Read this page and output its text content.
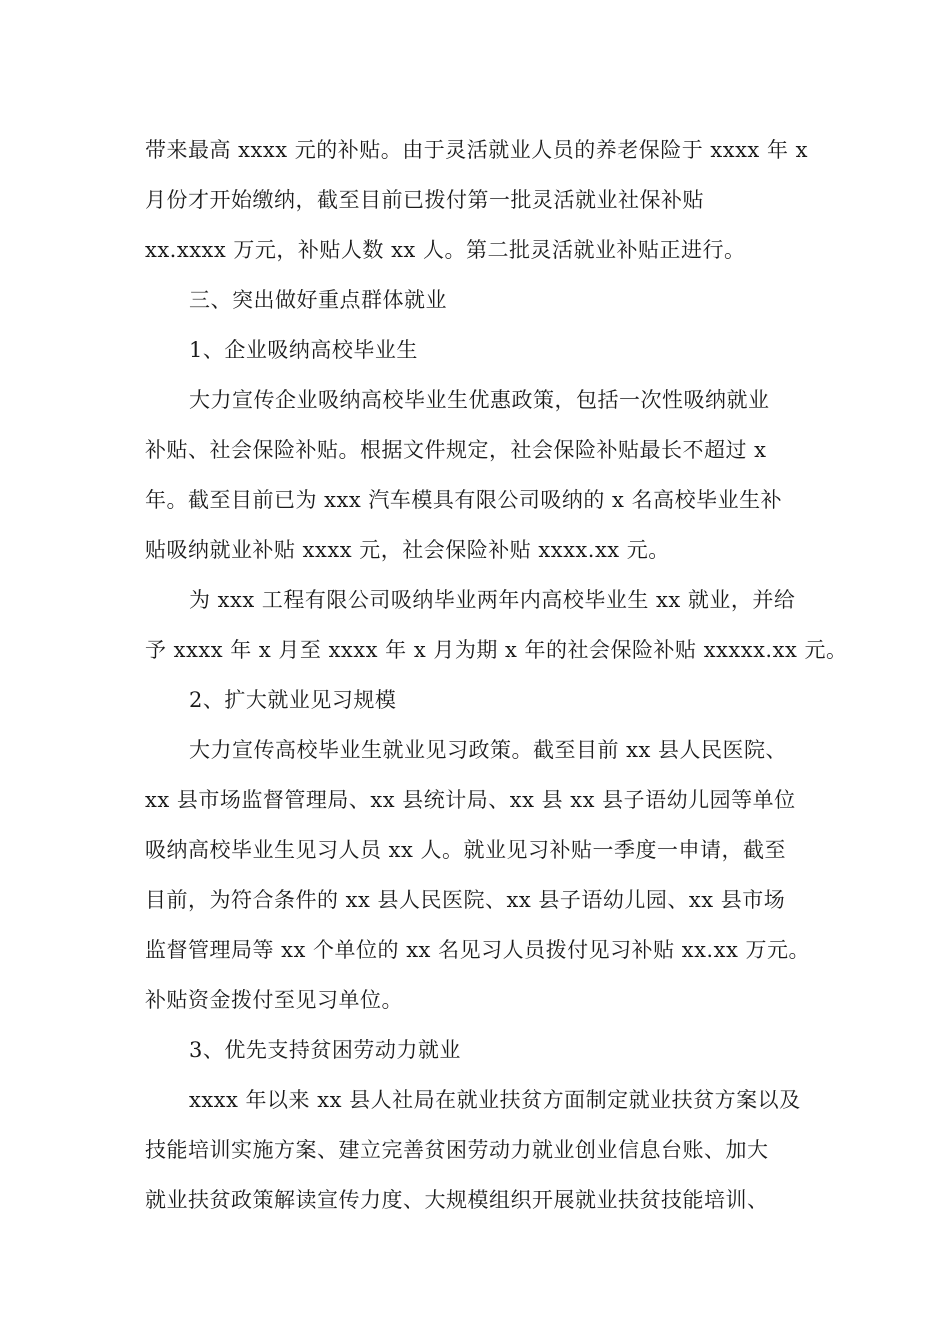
带来最高 xxxx 元的补贴。由于灵活就业人员的养老保险于 xxxx 年 x
月份才开始缴纳，截至目前已拨付第一批灵活就业社保补贴
xx.xxxx 万元，补贴人数 xx 人。第二批灵活就业补贴正进行。
三、突出做好重点群体就业
1、企业吸纳高校毕业生
大力宣传企业吸纳高校毕业生优惠政策，包括一次性吸纳就业
补贴、社会保险补贴。根据文件规定，社会保险补贴最长不超过 x
年。截至目前已为 xxx 汽车模具有限公司吸纳的 x 名高校毕业生补
贴吸纳就业补贴 xxxx 元，社会保险补贴 xxxx.xx 元。
为 xxx 工程有限公司吸纳毕业两年内高校毕业生 xx 就业，并给
予 xxxx 年 x 月至 xxxx 年 x 月为期 x 年的社会保险补贴 xxxxx.xx 元。
2、扩大就业见习规模
大力宣传高校毕业生就业见习政策。截至目前 xx 县人民医院、
xx 县市场监督管理局、xx 县统计局、xx 县 xx 县子语幼儿园等单位
吸纳高校毕业生见习人员 xx 人。就业见习补贴一季度一申请，截至
目前，为符合条件的 xx 县人民医院、xx 县子语幼儿园、xx 县市场
监督管理局等 xx 个单位的 xx 名见习人员拨付见习补贴 xx.xx 万元。
补贴资金拨付至见习单位。
3、优先支持贫困劳动力就业
xxxx 年以来 xx 县人社局在就业扶贫方面制定就业扶贫方案以及
技能培训实施方案、建立完善贫困劳动力就业创业信息台账、加大
就业扶贫政策解读宣传力度、大规模组织开展就业扶贫技能培训、
